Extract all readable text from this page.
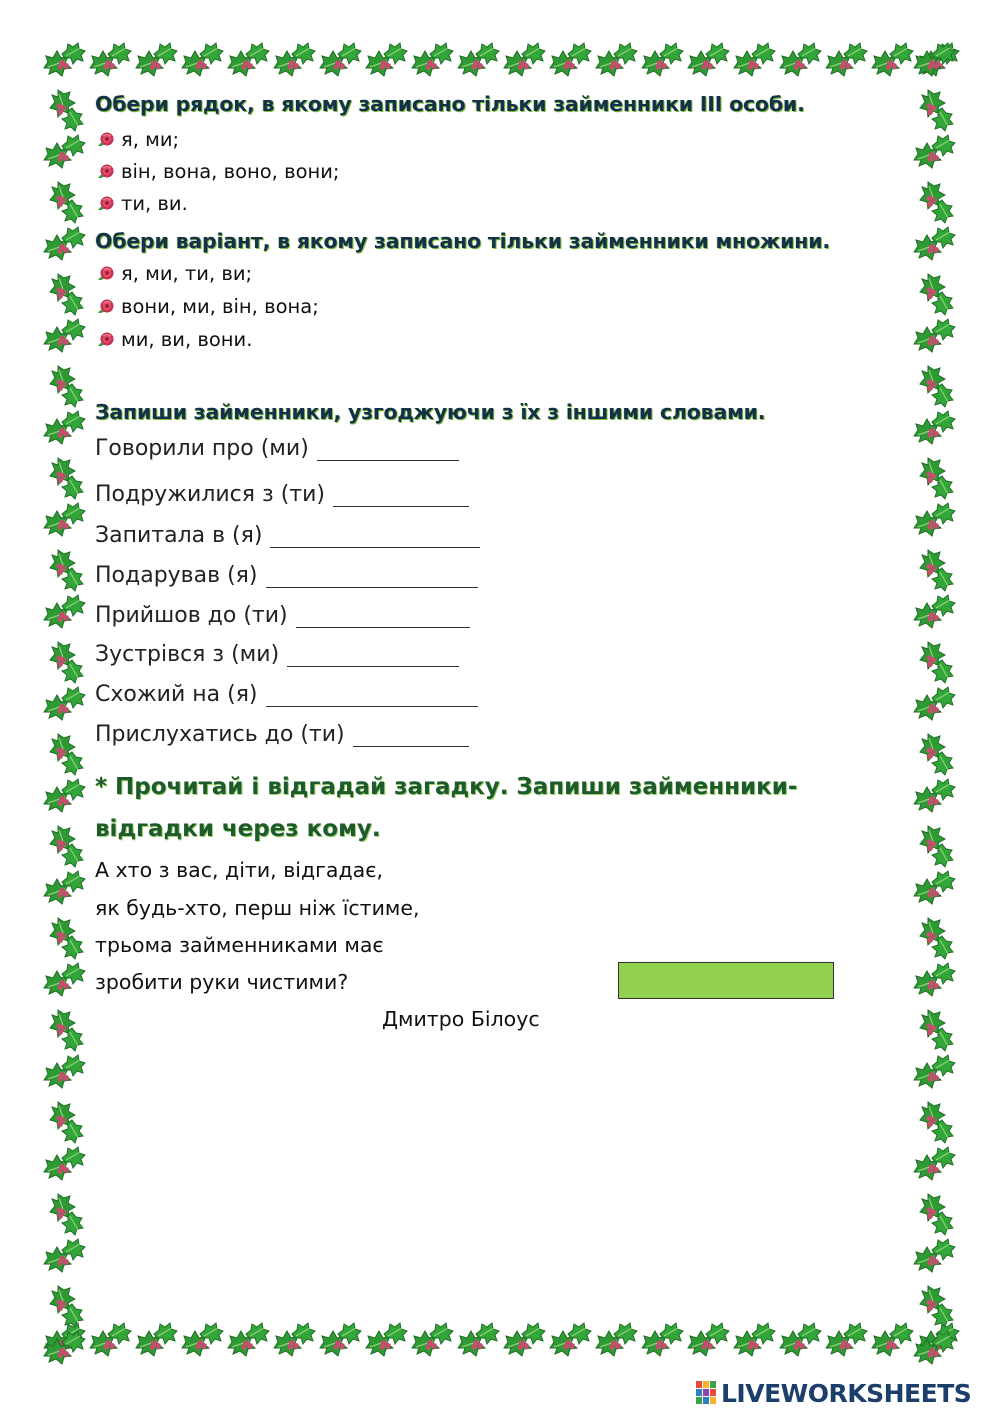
Обери рядок, в якому записано тільки займенники ІІІ особи.
я, ми;
він, вона, воно, вони;
ти, ви.
Обери варіант, в якому записано тільки займенники множини.
я, ми, ти, ви;
вони, ми, він, вона;
ми, ви, вони.
Запиши займенники, узгоджуючи з їх з іншими словами.
Говорили про (ми)
Подружилися з (ти)
Запитала в (я)
Подарував (я)
Прийшов до (ти)
Зустрівся з (ми)
Схожий на (я)
Прислухатись до (ти)
* Прочитай і відгадай загадку. Запиши займенники-
відгадки через кому.
А хто з вас, діти, відгадає,
як будь-хто, перш ніж їстиме,
трьома займенниками має
зробити руки чистими?
Дмитро Білоус
LIVEWORKSHEETS
